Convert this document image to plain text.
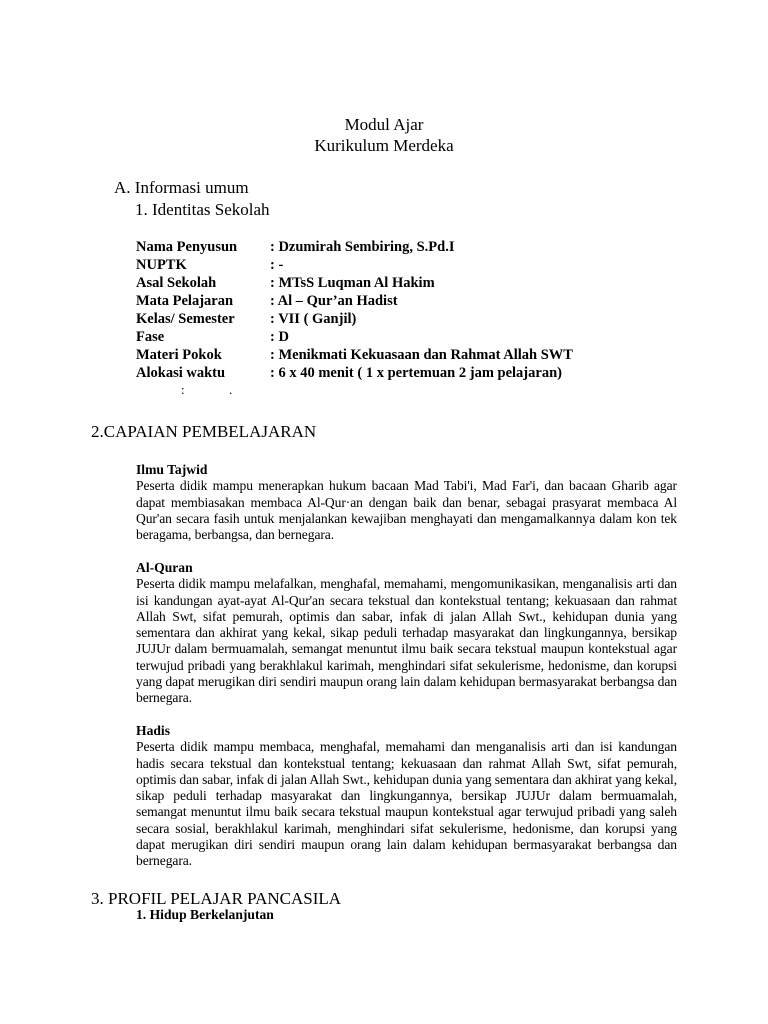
Modul Ajar
Kurikulum Merdeka
A. Informasi umum
1. Identitas Sekolah
Nama Penyusun	: Dzumirah Sembiring, S.Pd.I
NUPTK	: -
Asal Sekolah	: MTsS Luqman Al Hakim
Mata Pelajaran	: Al – Qur’an Hadist
Kelas/ Semester	: VII ( Ganjil)
Fase	: D
Materi Pokok	: Menikmati Kekuasaan dan Rahmat Allah SWT
Alokasi waktu	: 6 x 40 menit ( 1 x pertemuan 2 jam pelajaran)
:	.
2.CAPAIAN PEMBELAJARAN
Ilmu Tajwid

Peserta didik mampu menerapkan hukum bacaan Mad Tabi'i, Mad Far'i, dan bacaan Gharib agar dapat membiasakan membaca Al-Qur·an dengan baik dan benar, sebagai prasyarat membaca Al Qur'an secara fasih untuk menjalankan kewajiban menghayati dan mengamalkannya dalam kon tek beragama, berbangsa, dan bernegara.

Al-Quran

Peserta didik mampu melafalkan, menghafal, memahami, mengomunikasikan, menganalisis arti dan isi kandungan ayat-ayat Al-Qur'an secara tekstual dan kontekstual tentang; kekuasaan dan rahmat Allah Swt, sifat pemurah, optimis dan sabar, infak di jalan Allah Swt., kehidupan dunia yang sementara dan akhirat yang kekal, sikap peduli terhadap masyarakat dan lingkungannya, bersikap JUJUr dalam bermuamalah, semangat menuntut ilmu baik secara tekstual maupun kontekstual agar terwujud pribadi yang berakhlakul karimah, menghindari sifat sekulerisme, hedonisme, dan korupsi yang dapat merugikan diri sendiri maupun orang lain dalam kehidupan bermasyarakat berbangsa dan bernegara.

Hadis

Peserta didik mampu membaca, menghafal, memahami dan menganalisis arti dan isi kandungan hadis secara tekstual dan kontekstual tentang; kekuasaan dan rahmat Allah Swt, sifat pemurah, optimis dan sabar, infak di jalan Allah Swt., kehidupan dunia yang sementara dan akhirat yang kekal, sikap peduli terhadap masyarakat dan lingkungannya, bersikap JUJUr dalam bermuamalah, semangat menuntut ilmu baik secara tekstual maupun kontekstual agar terwujud pribadi yang saleh secara sosial, berakhlakul karimah, menghindari sifat sekulerisme, hedonisme, dan korupsi yang dapat merugikan diri sendiri maupun orang lain dalam kehidupan bermasyarakat berbangsa dan bernegara.

3. PROFIL PELAJAR PANCASILA
1. Hidup Berkelanjutan
